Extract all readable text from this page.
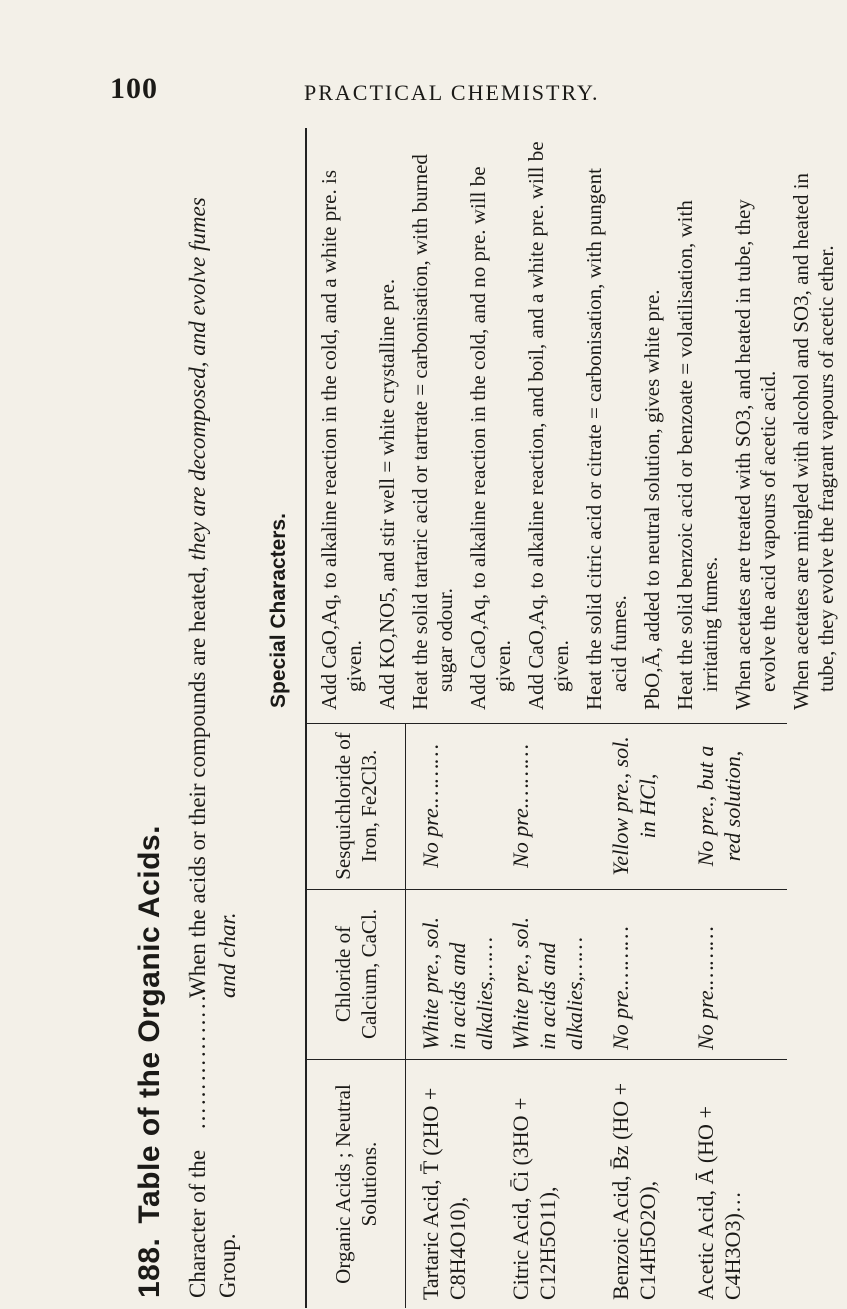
100	PRACTICAL CHEMISTRY.
188.Table of the Organic Acids.
Character of the Group.
………………
When the acids or their compounds are heated, they are decomposed, and evolve fumes and char.
Special Characters.
Organic Acids ; Neutral Solutions.
Chloride of Calcium, CaCl.
Sesquichloride of Iron, Fe2Cl3.
Tartaric Acid, T̄ (2HO + C8H4O10),
White pre., sol. in acids and alkalies,……
No pre.………
Citric Acid, C̄i (3HO + C12H5O11),
White pre., sol. in acids and alkalies,……
No pre.………
Benzoic Acid, B̄z (HO + C14H5O2O),
No pre.………
Yellow pre., sol. in HCl,
Acetic Acid, Ā (HO + C4H3O3)…
No pre.………
No pre., but a red solution,
Add CaO,Aq, to alkaline reaction in the cold, and a white pre. is given. Add KO,NO5, and stir well = white crystalline pre. Heat the solid tartaric acid or tartrate = carbonisation, with burned sugar odour. Add CaO,Aq, to alkaline reaction in the cold, and no pre. will be given. Add CaO,Aq, to alkaline reaction, and boil, and a white pre. will be given. Heat the solid citric acid or citrate = carbonisation, with pungent acid fumes. PbO,Ā, added to neutral solution, gives white pre. Heat the solid benzoic acid or benzoate = volatilisation, with irritating fumes. When acetates are treated with SO3, and heated in tube, they evolve the acid vapours of acetic acid. When acetates are mingled with alcohol and SO3, and heated in tube, they evolve the fragrant vapours of acetic ether.
